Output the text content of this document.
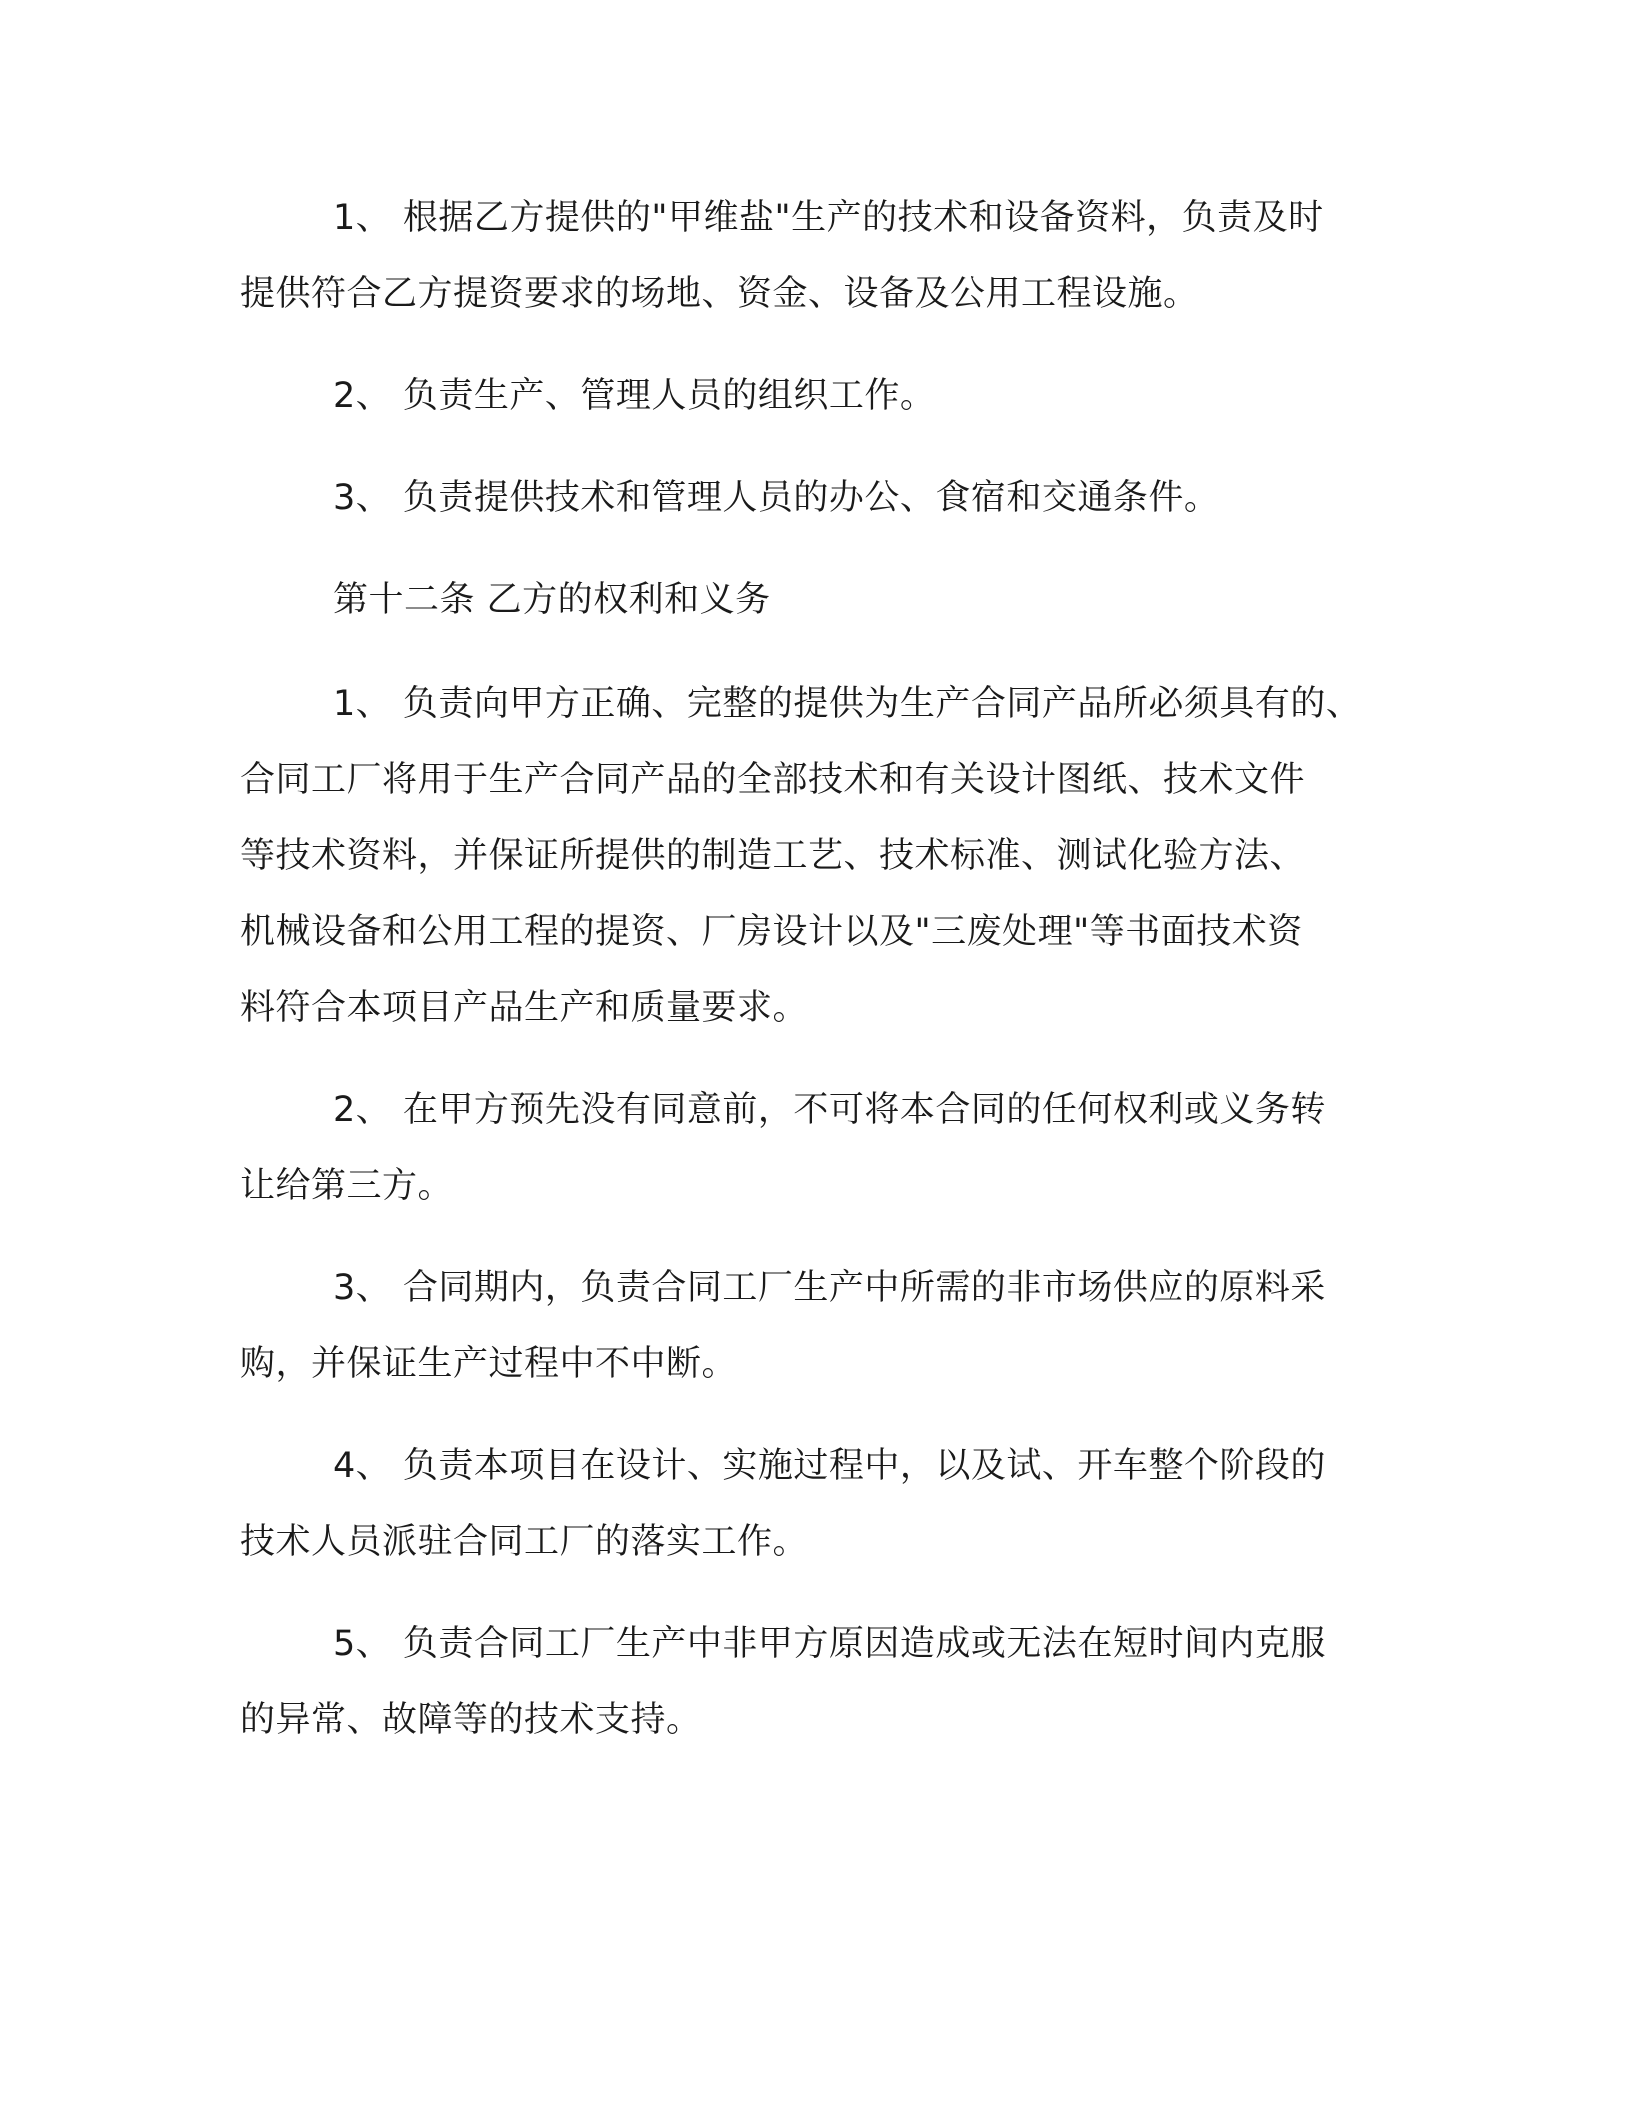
1、 根据乙方提供的"甲维盐"生产的技术和设备资料，负责及时
提供符合乙方提资要求的场地、资金、设备及公用工程设施。
2、 负责生产、管理人员的组织工作。
3、 负责提供技术和管理人员的办公、食宿和交通条件。
第十二条 乙方的权利和义务
1、 负责向甲方正确、完整的提供为生产合同产品所必须具有的、
合同工厂将用于生产合同产品的全部技术和有关设计图纸、技术文件
等技术资料，并保证所提供的制造工艺、技术标准、测试化验方法、
机械设备和公用工程的提资、厂房设计以及"三废处理"等书面技术资
料符合本项目产品生产和质量要求。
2、 在甲方预先没有同意前，不可将本合同的任何权利或义务转
让给第三方。
3、 合同期内，负责合同工厂生产中所需的非市场供应的原料采
购，并保证生产过程中不中断。
4、 负责本项目在设计、实施过程中，以及试、开车整个阶段的
技术人员派驻合同工厂的落实工作。
5、 负责合同工厂生产中非甲方原因造成或无法在短时间内克服
的异常、故障等的技术支持。
